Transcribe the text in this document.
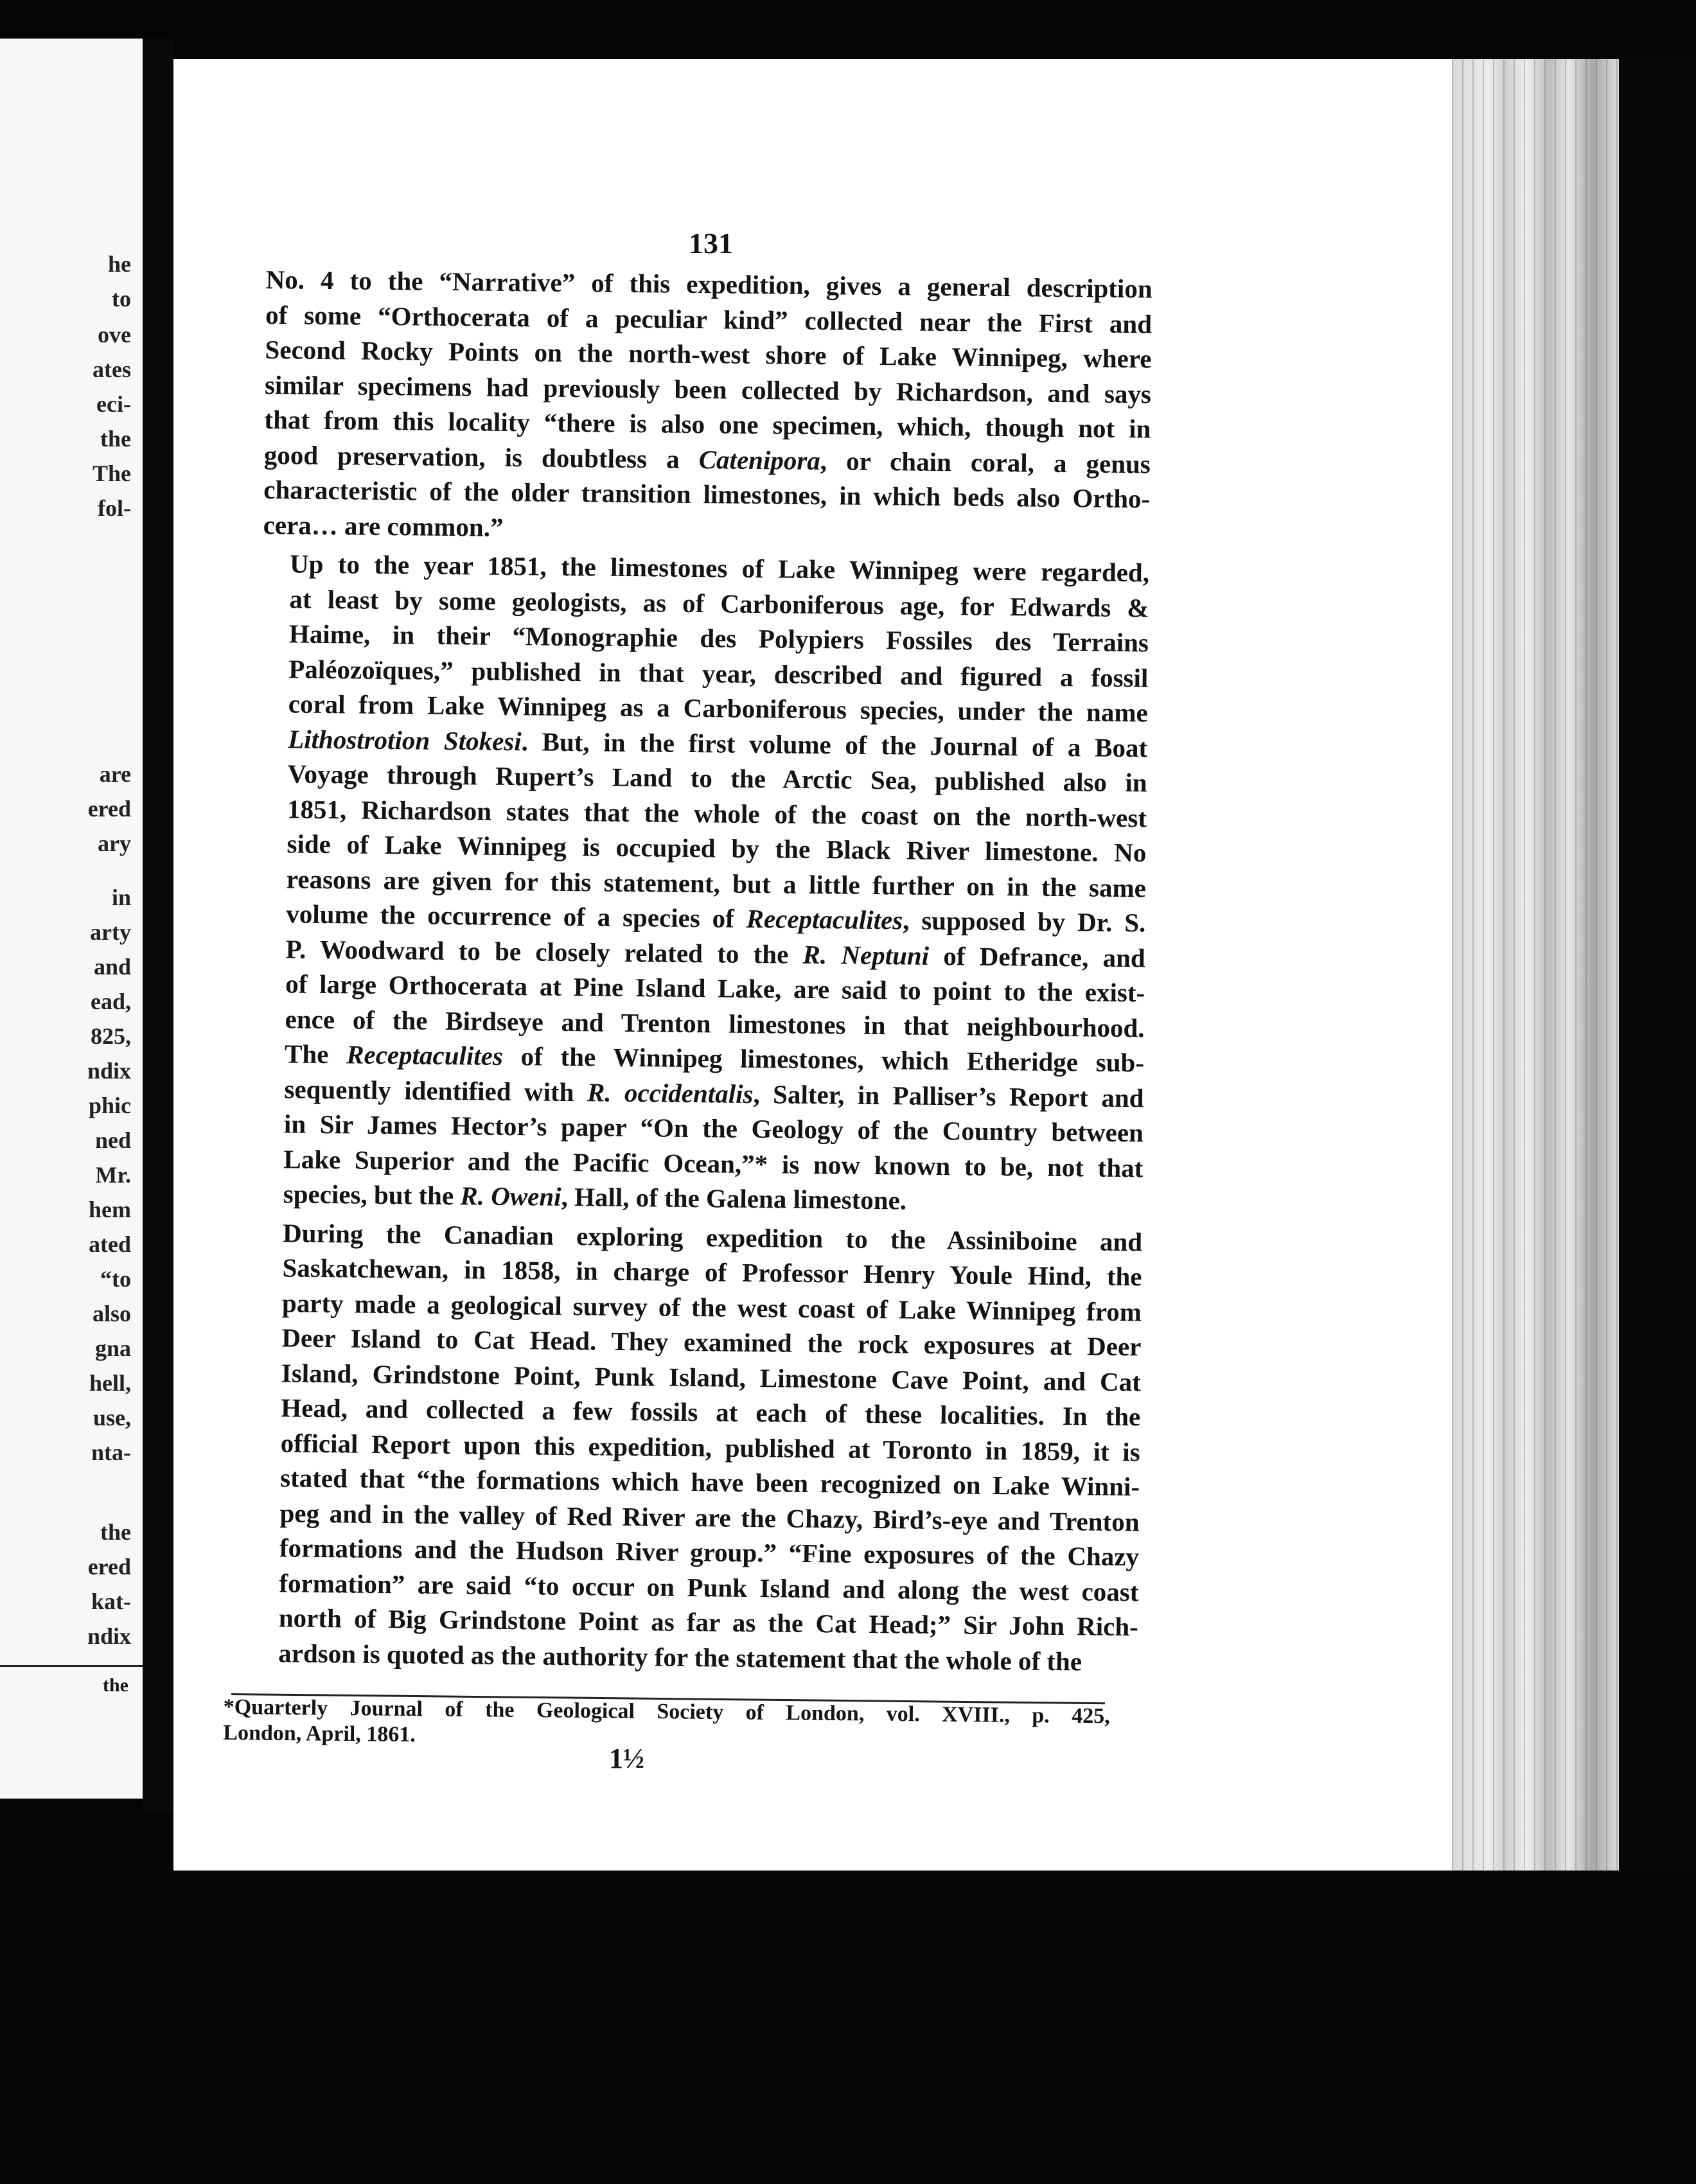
he
to
ove
ates
eci-
the
The
fol-
are
ered
ary
in
arty
and
ead,
825,
ndix
phic
ned
Mr.
hem
ated
“to
also
gna
hell,
use,
nta-
the
ered
kat-
ndix
the
131

No. 4 to the “Narrative” of this expedition, gives a general description
of some “Orthocerata of a peculiar kind” collected near the First and
Second Rocky Points on the north-west shore of Lake Winnipeg, where
similar specimens had previously been collected by Richardson, and says
that from this locality “there is also one specimen, which, though not in
good preservation, is doubtless a Catenipora, or chain coral, a genus
characteristic of the older transition limestones, in which beds also Ortho-
cera… are common.”

Up to the year 1851, the limestones of Lake Winnipeg were regarded,
at least by some geologists, as of Carboniferous age, for Edwards &
Haime, in their “Monographie des Polypiers Fossiles des Terrains
Paléozoïques,” published in that year, described and figured a fossil
coral from Lake Winnipeg as a Carboniferous species, under the name
Lithostrotion Stokesi. But, in the first volume of the Journal of a Boat
Voyage through Rupert’s Land to the Arctic Sea, published also in
1851, Richardson states that the whole of the coast on the north-west
side of Lake Winnipeg is occupied by the Black River limestone. No
reasons are given for this statement, but a little further on in the same
volume the occurrence of a species of Receptaculites, supposed by Dr. S.
P. Woodward to be closely related to the R. Neptuni of Defrance, and
of large Orthocerata at Pine Island Lake, are said to point to the exist-
ence of the Birdseye and Trenton limestones in that neighbourhood.
The Receptaculites of the Winnipeg limestones, which Etheridge sub-
sequently identified with R. occidentalis, Salter, in Palliser’s Report and
in Sir James Hector’s paper “On the Geology of the Country between
Lake Superior and the Pacific Ocean,”* is now known to be, not that
species, but the R. Oweni, Hall, of the Galena limestone.

During the Canadian exploring expedition to the Assiniboine and
Saskatchewan, in 1858, in charge of Professor Henry Youle Hind, the
party made a geological survey of the west coast of Lake Winnipeg from
Deer Island to Cat Head. They examined the rock exposures at Deer
Island, Grindstone Point, Punk Island, Limestone Cave Point, and Cat
Head, and collected a few fossils at each of these localities. In the
official Report upon this expedition, published at Toronto in 1859, it is
stated that “the formations which have been recognized on Lake Winni-
peg and in the valley of Red River are the Chazy, Bird’s-eye and Trenton
formations and the Hudson River group.” “Fine exposures of the Chazy
formation” are said “to occur on Punk Island and along the west coast
north of Big Grindstone Point as far as the Cat Head;” Sir John Rich-
ardson is quoted as the authority for the statement that the whole of the

*Quarterly Journal of the Geological Society of London, vol. XVIII., p. 425,
London, April, 1861.
1½
